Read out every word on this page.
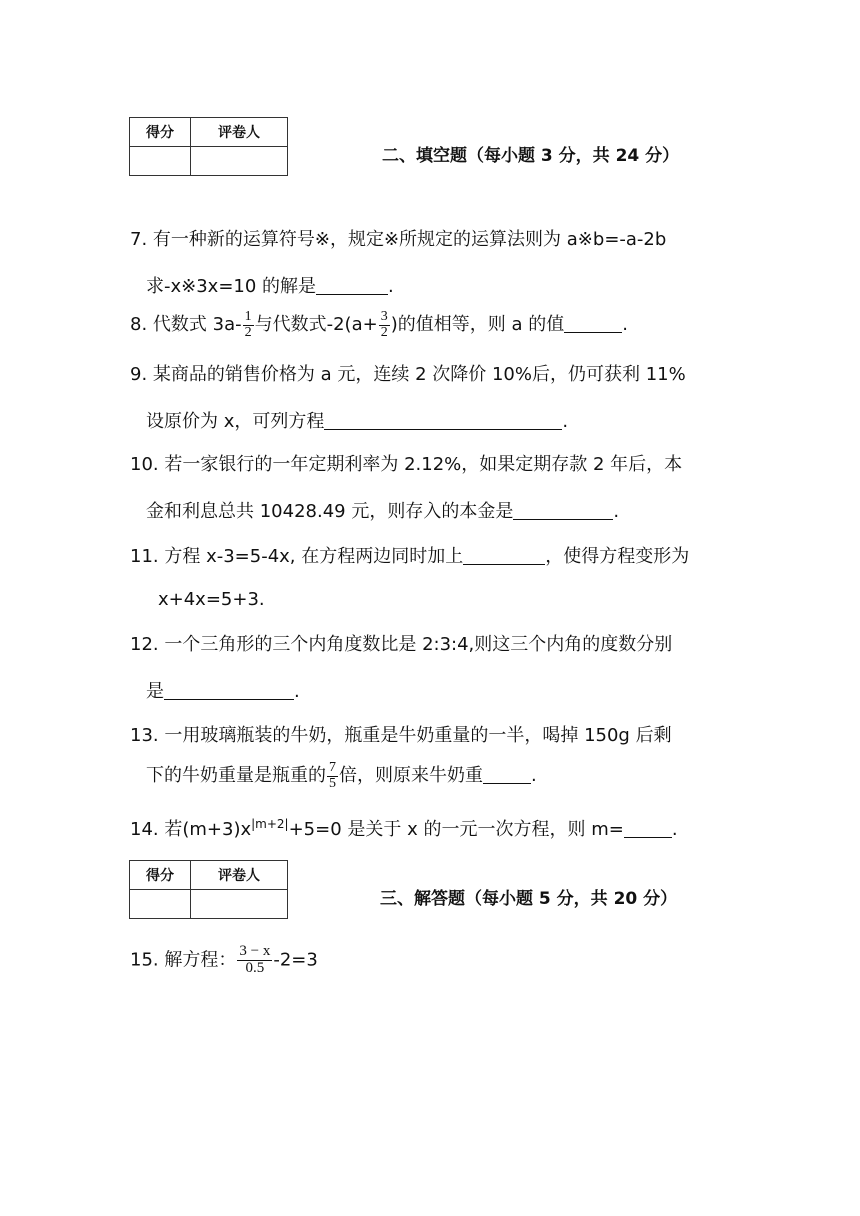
得分	评卷人

二、填空题（每小题 3 分，共 24 分）
7. 有一种新的运算符号※，规定※所规定的运算法则为 a※b=-a-2b
求-x※3x=10 的解是	.
8. 代数式 $3a- \frac{1}{2}$ 与代数式$-2(a+ \frac{3}{2}$ )的值相等，则 a 的值	.
9. 某商品的销售价格为 a 元，连续 2 次降价 10%后，仍可获利 11%
设原价为 x，可列方程	.
10. 若一家银行的一年定期利率为 2.12%，如果定期存款 2 年后，本
金和利息总共 10428.49 元，则存入的本金是	.
11. 方程 x-3=5-4x, 在方程两边同时加上	，使得方程变形为
x+4x=5+3.
12. 一个三角形的三个内角度数比是 2:3:4,则这三个内角的度数分别
是	.
13. 一用玻璃瓶装的牛奶，瓶重是牛奶重量的一半，喝掉 150g 后剩
下的牛奶重量是瓶重的 $\frac{7}{5}$ 倍，则原来牛奶重	.
14. 若$(m+3)x^{|m+2|}+5=0$ 是关于 x 的一元一次方程，则 m=	.
得分	评卷人

三、解答题（每小题 5 分，共 20 分）
15. 解方程： $\frac{3 - x}{0.5} -2=3$
